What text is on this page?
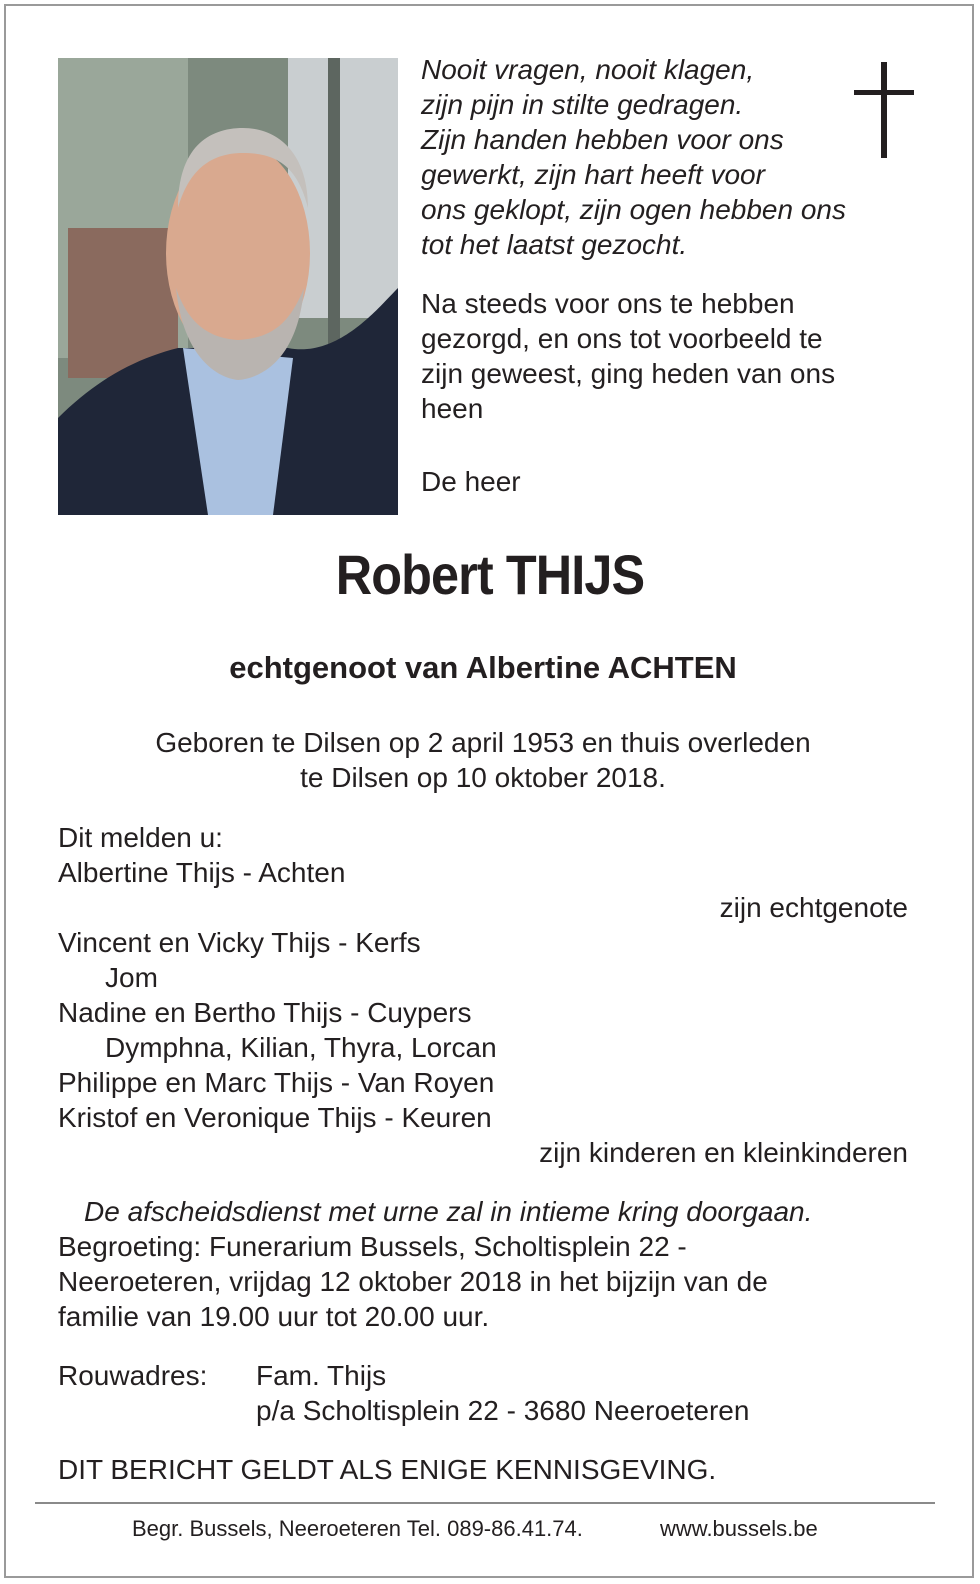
Nooit vragen, nooit klagen,
zijn pijn in stilte gedragen.
Zijn handen hebben voor ons
gewerkt, zijn hart heeft voor
ons geklopt, zijn ogen hebben ons
tot het laatst gezocht.
Na steeds voor ons te hebben
gezorgd, en ons tot voorbeeld te
zijn geweest, ging heden van ons
heen
De heer
Robert THIJS
echtgenoot van Albertine ACHTEN
Geboren te Dilsen op 2 april 1953 en thuis overleden
te Dilsen op 10 oktober 2018.
Dit melden u:
Albertine Thijs - Achten
zijn echtgenote
Vincent en Vicky Thijs - Kerfs
Jom
Nadine en Bertho Thijs - Cuypers
Dymphna, Kilian, Thyra, Lorcan
Philippe en Marc Thijs - Van Royen
Kristof en Veronique Thijs - Keuren
zijn kinderen en kleinkinderen
De afscheidsdienst met urne zal in intieme kring doorgaan.
Begroeting: Funerarium Bussels, Scholtisplein 22 -
Neeroeteren, vrijdag 12 oktober 2018 in het bijzijn van de
familie van 19.00 uur tot 20.00 uur.
Rouwadres: Fam. Thijs
p/a Scholtisplein 22 - 3680 Neeroeteren
DIT BERICHT GELDT ALS ENIGE KENNISGEVING.
Begr. Bussels, Neeroeteren Tel. 089-86.41.74.	www.bussels.be
